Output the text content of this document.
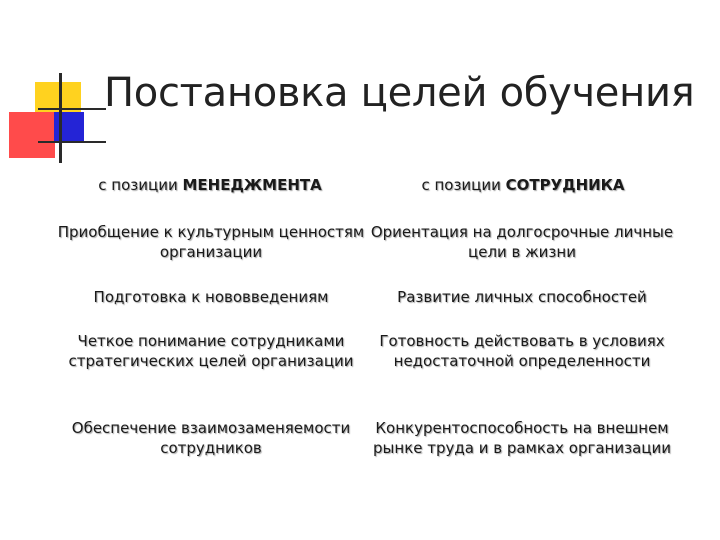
Постановка целей обучения
с позиции МЕНЕДЖМЕНТА	с позиции СОТРУДНИКА
Приобщение к культурным ценностям организации
Ориентация на долгосрочные личные цели в жизни
Подготовка к нововведениям	Развитие личных способностей
Четкое понимание сотрудниками стратегических целей организации
Готовность действовать в условиях недостаточной определенности
Обеспечение взаимозаменяемости сотрудников
Конкурентоспособность на внешнем рынке труда и в рамках организации
